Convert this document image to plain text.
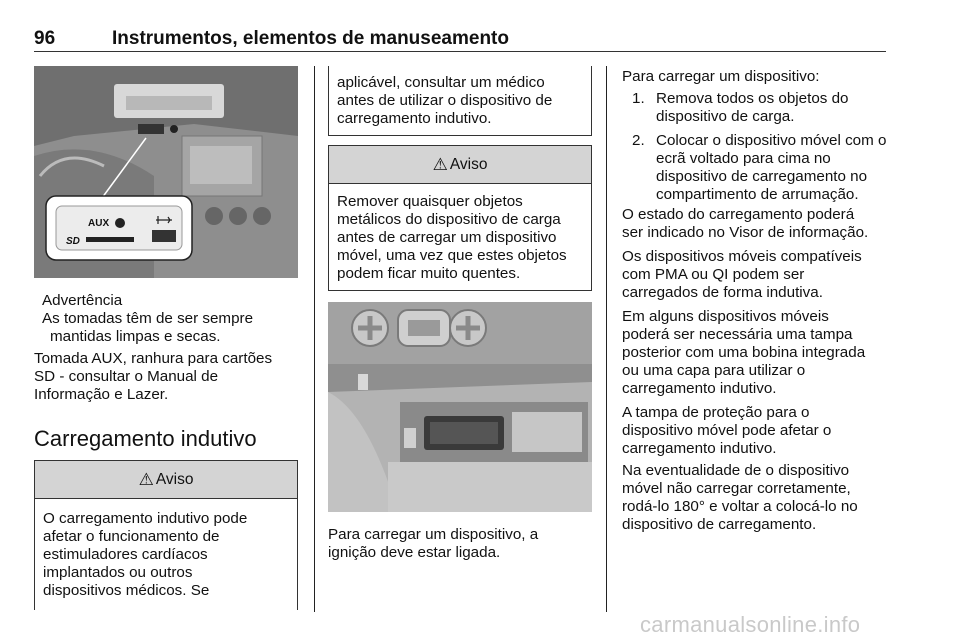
96	Instrumentos, elementos de manuseamento
AUX
SD
Advertência
As tomadas têm de ser sempre
mantidas limpas e secas.
Tomada AUX, ranhura para cartões
SD - consultar o Manual de
Informação e Lazer.
Carregamento indutivo
⚠ Aviso
O carregamento indutivo pode
afetar o funcionamento de
estimuladores cardíacos
implantados ou outros
dispositivos médicos. Se
aplicável, consultar um médico
antes de utilizar o dispositivo de
carregamento indutivo.
⚠ Aviso
Remover quaisquer objetos
metálicos do dispositivo de carga
antes de carregar um dispositivo
móvel, uma vez que estes objetos
podem ficar muito quentes.
Para carregar um dispositivo, a
ignição deve estar ligada.
Para carregar um dispositivo:
1. Remova todos os objetos do
dispositivo de carga.
2. Colocar o dispositivo móvel com o
ecrã voltado para cima no
dispositivo de carregamento no
compartimento de arrumação.
O estado do carregamento poderá
ser indicado no Visor de informação.
Os dispositivos móveis compatíveis
com PMA ou QI podem ser
carregados de forma indutiva.
Em alguns dispositivos móveis
poderá ser necessária uma tampa
posterior com uma bobina integrada
ou uma capa para utilizar o
carregamento indutivo.
A tampa de proteção para o
dispositivo móvel pode afetar o
carregamento indutivo.
Na eventualidade de o dispositivo
móvel não carregar corretamente,
rodá-lo 180° e voltar a colocá-lo no
dispositivo de carregamento.
carmanualsonline.info
